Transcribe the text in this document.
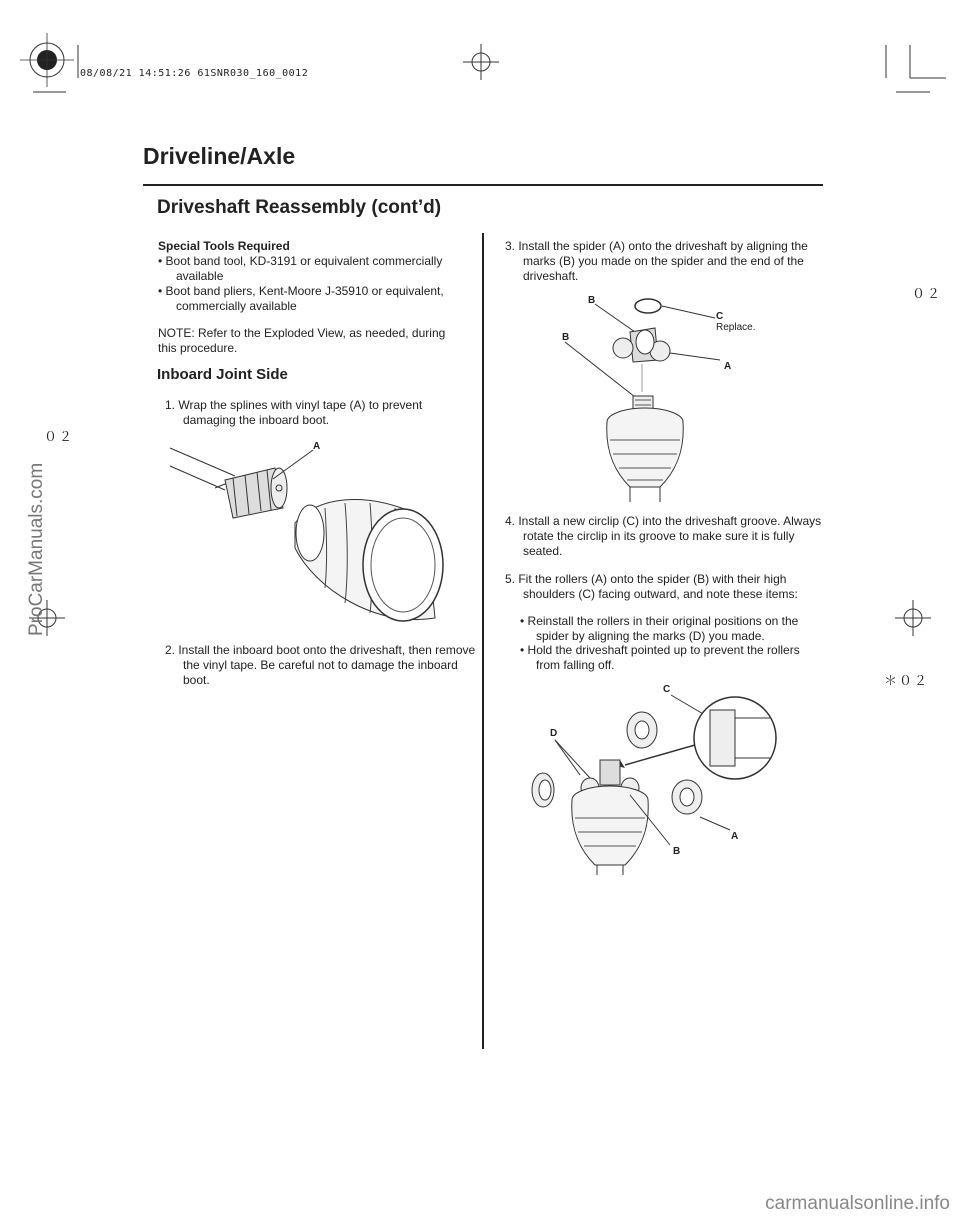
08/08/21 14:51:26 61SNR030_160_0012
ProCarManuals.com
０２
０２
＊０２
Driveline/Axle
Driveshaft Reassembly (cont’d)
Special Tools Required
• Boot band tool, KD-3191 or equivalent commercially available
• Boot band pliers, Kent-Moore J-35910 or equivalent, commercially available
NOTE: Refer to the Exploded View, as needed, during this procedure.
Inboard Joint Side
1. Wrap the splines with vinyl tape (A) to prevent damaging the inboard boot.
A
2. Install the inboard boot onto the driveshaft, then remove the vinyl tape. Be careful not to damage the inboard boot.
3. Install the spider (A) onto the driveshaft by aligning the marks (B) you made on the spider and the end of the driveshaft.
B
C
Replace.
B
A
4. Install a new circlip (C) into the driveshaft groove. Always rotate the circlip in its groove to make sure it is fully seated.
5. Fit the rollers (A) onto the spider (B) with their high shoulders (C) facing outward, and note these items:
• Reinstall the rollers in their original positions on the spider by aligning the marks (D) you made.
• Hold the driveshaft pointed up to prevent the rollers from falling off.
C
D
A
B
carmanualsonline.info
